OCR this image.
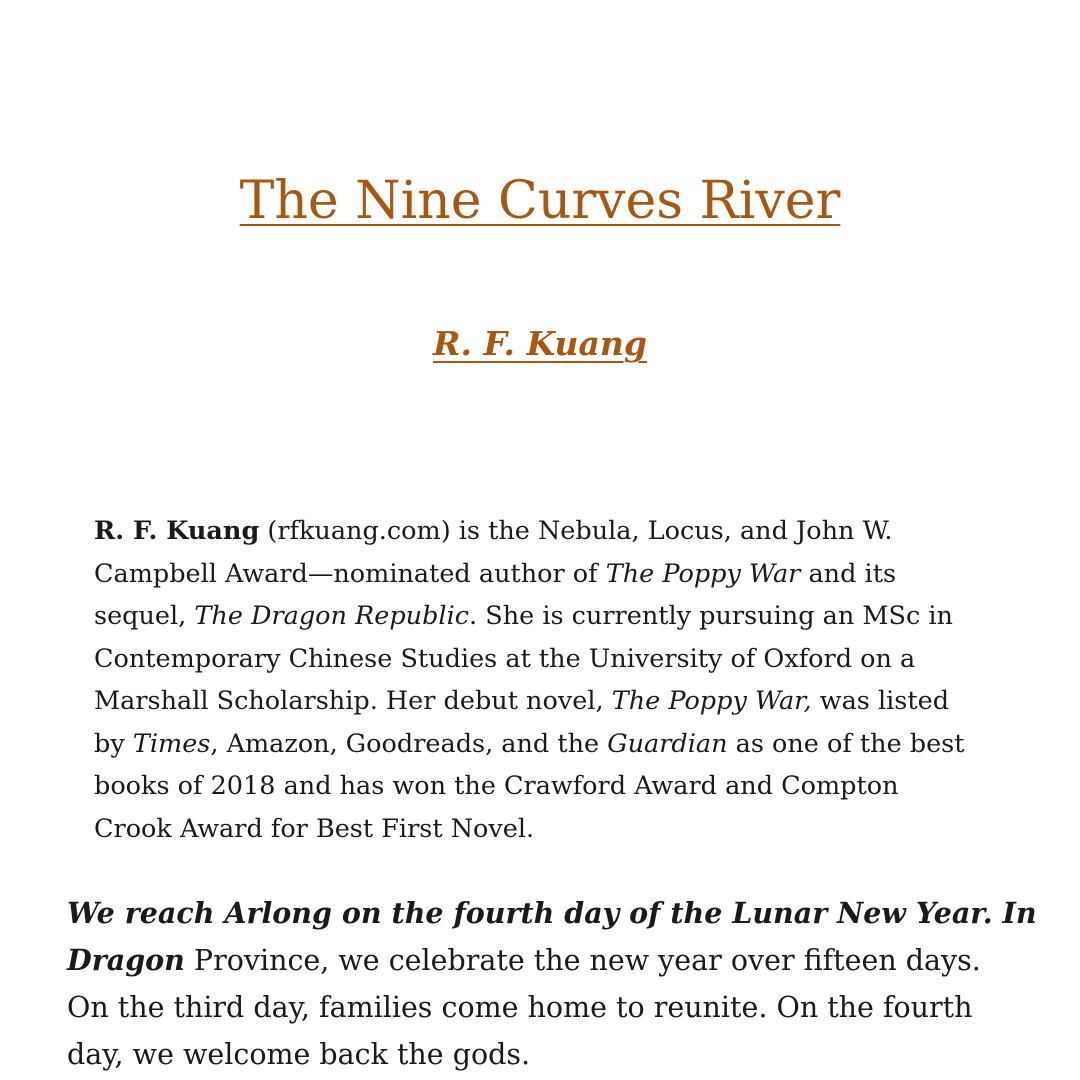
The Nine Curves River
R. F. Kuang

R. F. Kuang (rfkuang.com) is the Nebula, Locus, and John W.
Campbell Award—nominated author of The Poppy War and its
sequel, The Dragon Republic. She is currently pursuing an MSc in
Contemporary Chinese Studies at the University of Oxford on a
Marshall Scholarship. Her debut novel, The Poppy War, was listed
by Times, Amazon, Goodreads, and the Guardian as one of the best
books of 2018 and has won the Crawford Award and Compton
Crook Award for Best First Novel.

We reach Arlong on the fourth day of the Lunar New Year. In
Dragon Province, we celebrate the new year over fifteen days.
On the third day, families come home to reunite. On the fourth
day, we welcome back the gods.
